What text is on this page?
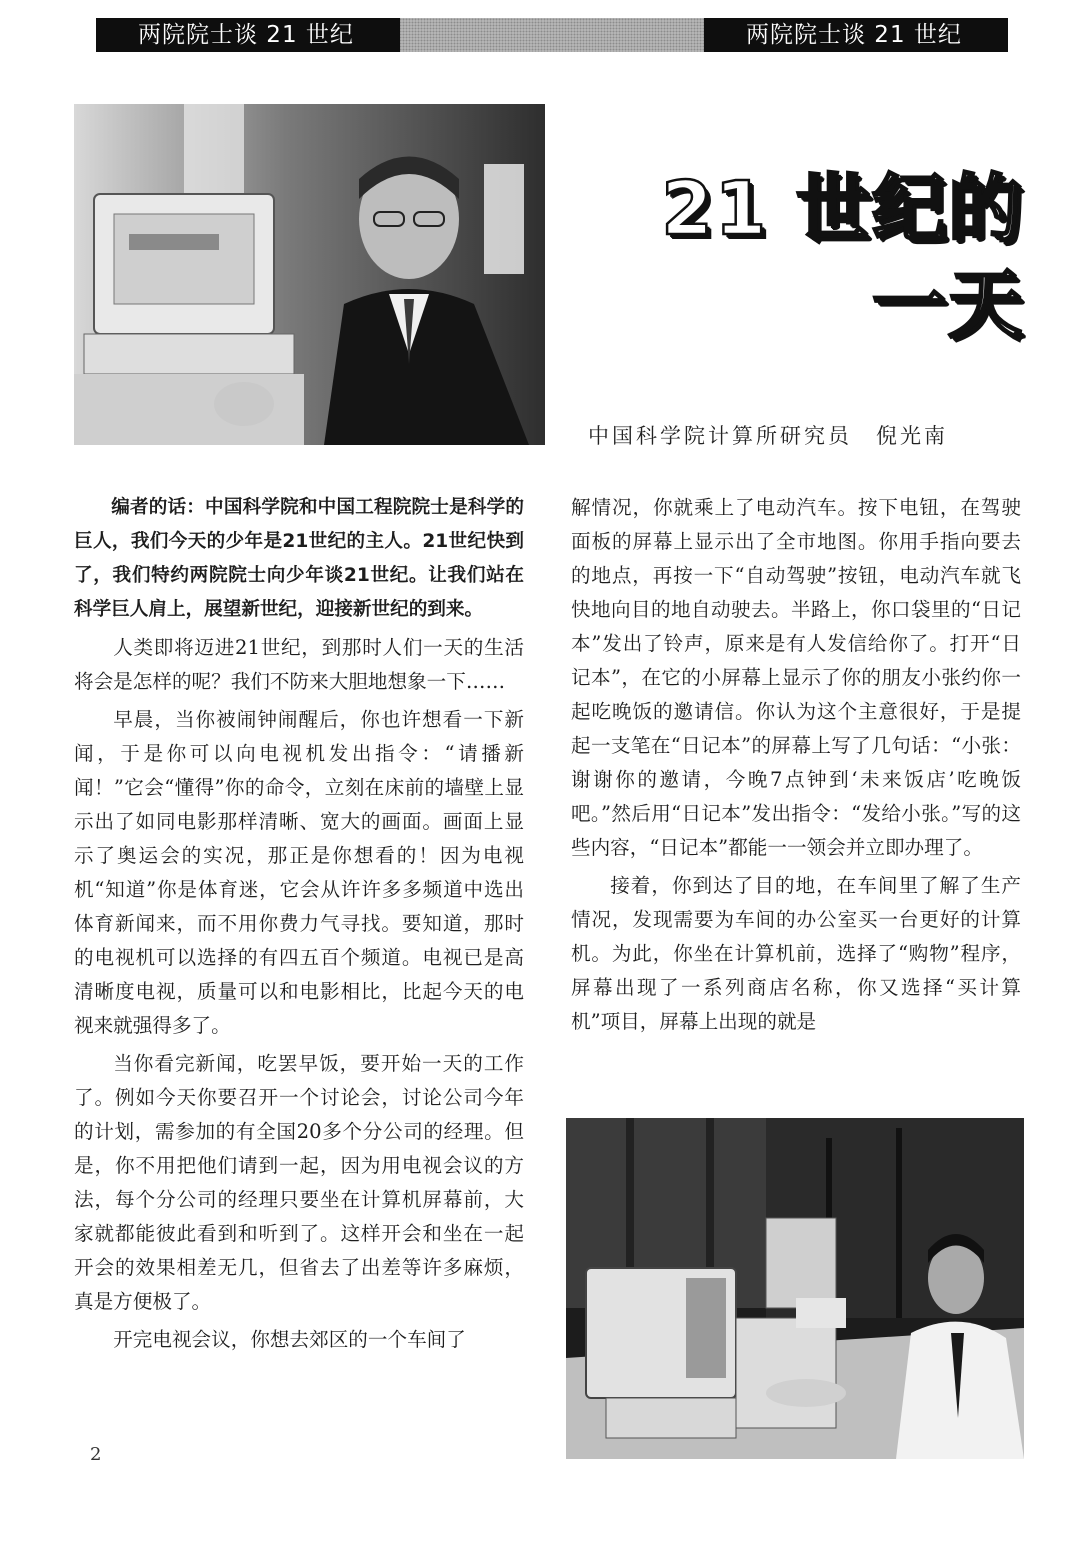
两院院士谈 21 世纪	两院院士谈 21 世纪
21 世纪的
一天
中国科学院计算所研究员　倪光南

编者的话：中国科学院和中国工程院院士是科学的巨人，我们今天的少年是21世纪的主人。21世纪快到了，我们特约两院院士向少年谈21世纪。让我们站在科学巨人肩上，展望新世纪，迎接新世纪的到来。

人类即将迈进21世纪，到那时人们一天的生活将会是怎样的呢？我们不防来大胆地想象一下……

早晨，当你被闹钟闹醒后，你也许想看一下新闻，于是你可以向电视机发出指令：“请播新闻！”它会“懂得”你的命令，立刻在床前的墙壁上显示出了如同电影那样清晰、宽大的画面。画面上显示了奥运会的实况，那正是你想看的！因为电视机“知道”你是体育迷，它会从许许多多频道中选出体育新闻来，而不用你费力气寻找。要知道，那时的电视机可以选择的有四五百个频道。电视已是高清晰度电视，质量可以和电影相比，比起今天的电视来就强得多了。

当你看完新闻，吃罢早饭，要开始一天的工作了。例如今天你要召开一个讨论会，讨论公司今年的计划，需参加的有全国20多个分公司的经理。但是，你不用把他们请到一起，因为用电视会议的方法，每个分公司的经理只要坐在计算机屏幕前，大家就都能彼此看到和听到了。这样开会和坐在一起开会的效果相差无几，但省去了出差等许多麻烦，真是方便极了。

开完电视会议，你想去郊区的一个车间了

解情况，你就乘上了电动汽车。按下电钮，在驾驶面板的屏幕上显示出了全市地图。你用手指向要去的地点，再按一下“自动驾驶”按钮，电动汽车就飞快地向目的地自动驶去。半路上，你口袋里的“日记本”发出了铃声，原来是有人发信给你了。打开“日记本”，在它的小屏幕上显示了你的朋友小张约你一起吃晚饭的邀请信。你认为这个主意很好，于是提起一支笔在“日记本”的屏幕上写了几句话：“小张：谢谢你的邀请，今晚7点钟到‘未来饭店’吃晚饭吧。”然后用“日记本”发出指令：“发给小张。”写的这些内容，“日记本”都能一一领会并立即办理了。

接着，你到达了目的地，在车间里了解了生产情况，发现需要为车间的办公室买一台更好的计算机。为此，你坐在计算机前，选择了“购物”程序，屏幕出现了一系列商店名称，你又选择“买计算机”项目，屏幕上出现的就是

2
